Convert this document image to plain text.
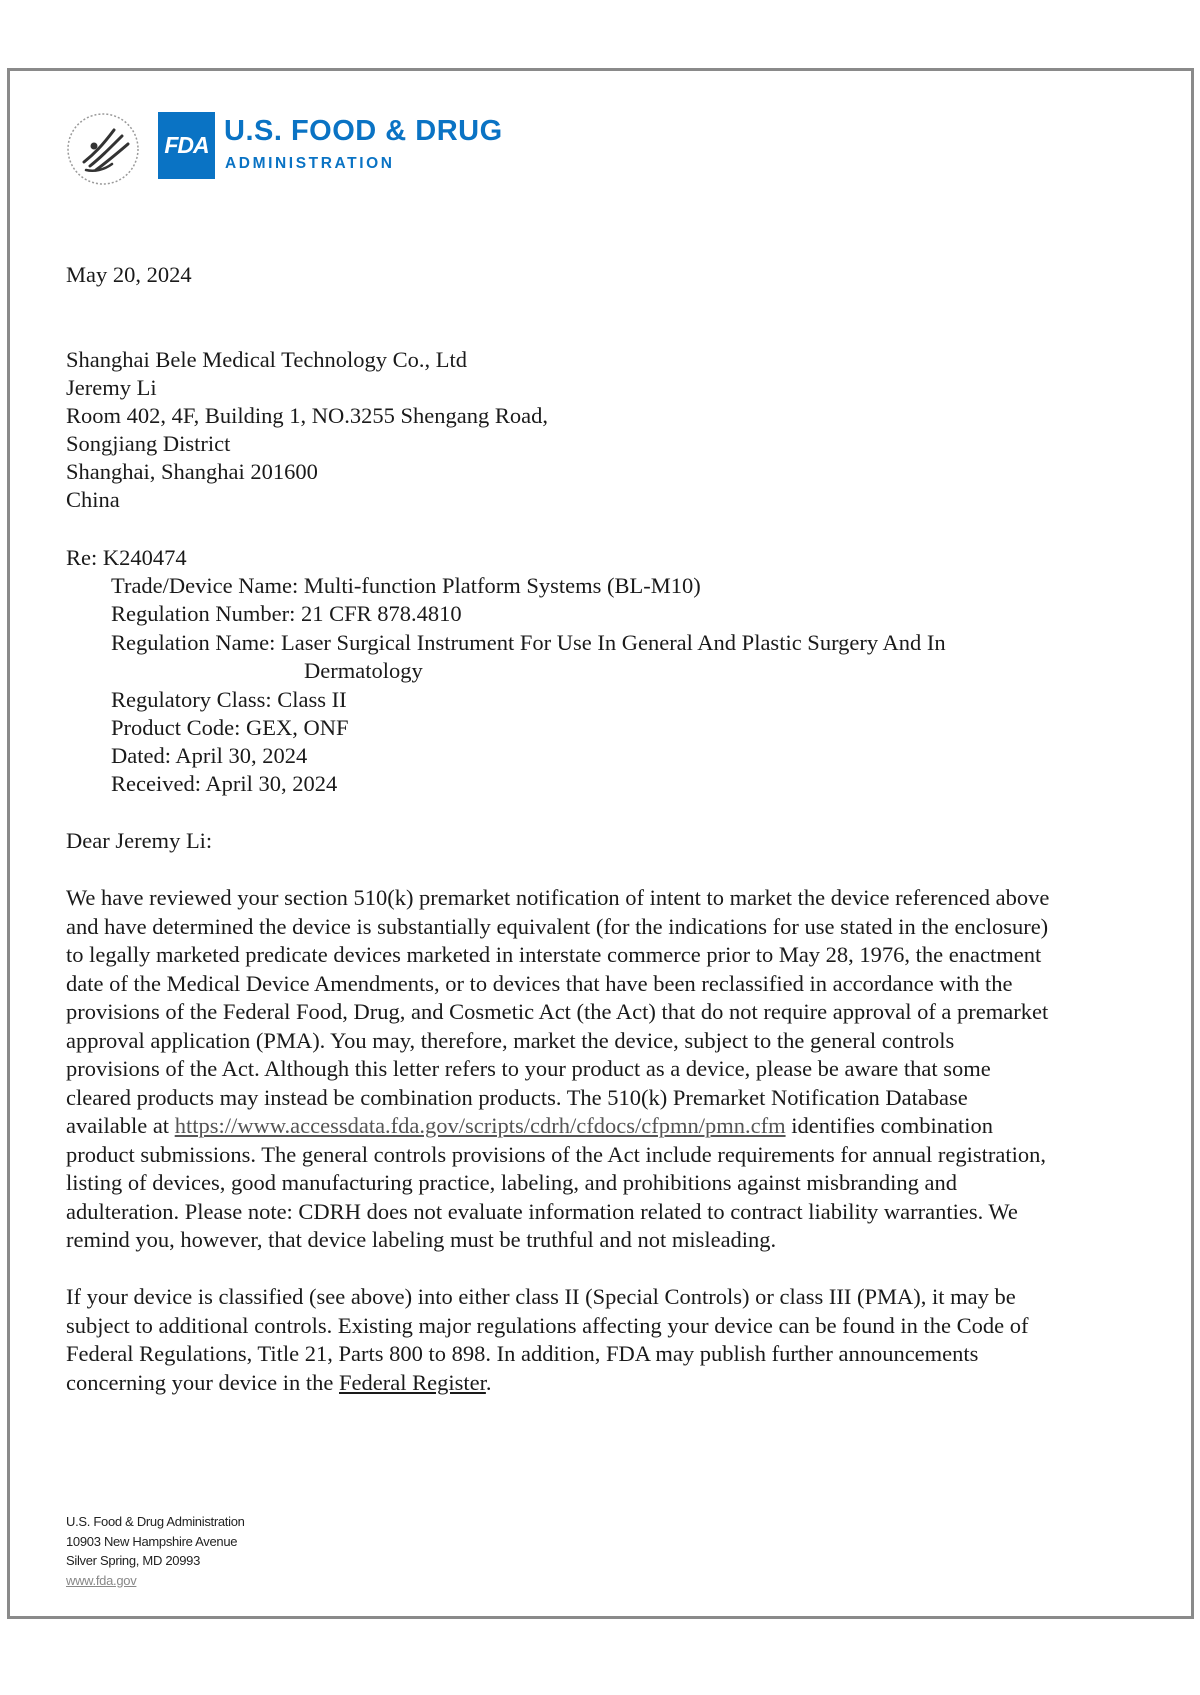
FDA U.S. FOOD & DRUG
ADMINISTRATION
May 20, 2024
Shanghai Bele Medical Technology Co., Ltd
Jeremy Li
Room 402, 4F, Building 1, NO.3255 Shengang Road,
Songjiang District
Shanghai, Shanghai 201600
China
Re: K240474
Trade/Device Name: Multi-function Platform Systems (BL-M10)
Regulation Number: 21 CFR 878.4810
Regulation Name: Laser Surgical Instrument For Use In General And Plastic Surgery And In
Dermatology
Regulatory Class: Class II
Product Code: GEX, ONF
Dated: April 30, 2024
Received: April 30, 2024
Dear Jeremy Li:
We have reviewed your section 510(k) premarket notification of intent to market the device referenced above
and have determined the device is substantially equivalent (for the indications for use stated in the enclosure)
to legally marketed predicate devices marketed in interstate commerce prior to May 28, 1976, the enactment
date of the Medical Device Amendments, or to devices that have been reclassified in accordance with the
provisions of the Federal Food, Drug, and Cosmetic Act (the Act) that do not require approval of a premarket
approval application (PMA). You may, therefore, market the device, subject to the general controls
provisions of the Act. Although this letter refers to your product as a device, please be aware that some
cleared products may instead be combination products. The 510(k) Premarket Notification Database
available at https://www.accessdata.fda.gov/scripts/cdrh/cfdocs/cfpmn/pmn.cfm identifies combination
product submissions. The general controls provisions of the Act include requirements for annual registration,
listing of devices, good manufacturing practice, labeling, and prohibitions against misbranding and
adulteration. Please note: CDRH does not evaluate information related to contract liability warranties. We
remind you, however, that device labeling must be truthful and not misleading.
If your device is classified (see above) into either class II (Special Controls) or class III (PMA), it may be
subject to additional controls. Existing major regulations affecting your device can be found in the Code of
Federal Regulations, Title 21, Parts 800 to 898. In addition, FDA may publish further announcements
concerning your device in the Federal Register.
U.S. Food & Drug Administration
10903 New Hampshire Avenue
Silver Spring, MD 20993
www.fda.gov
